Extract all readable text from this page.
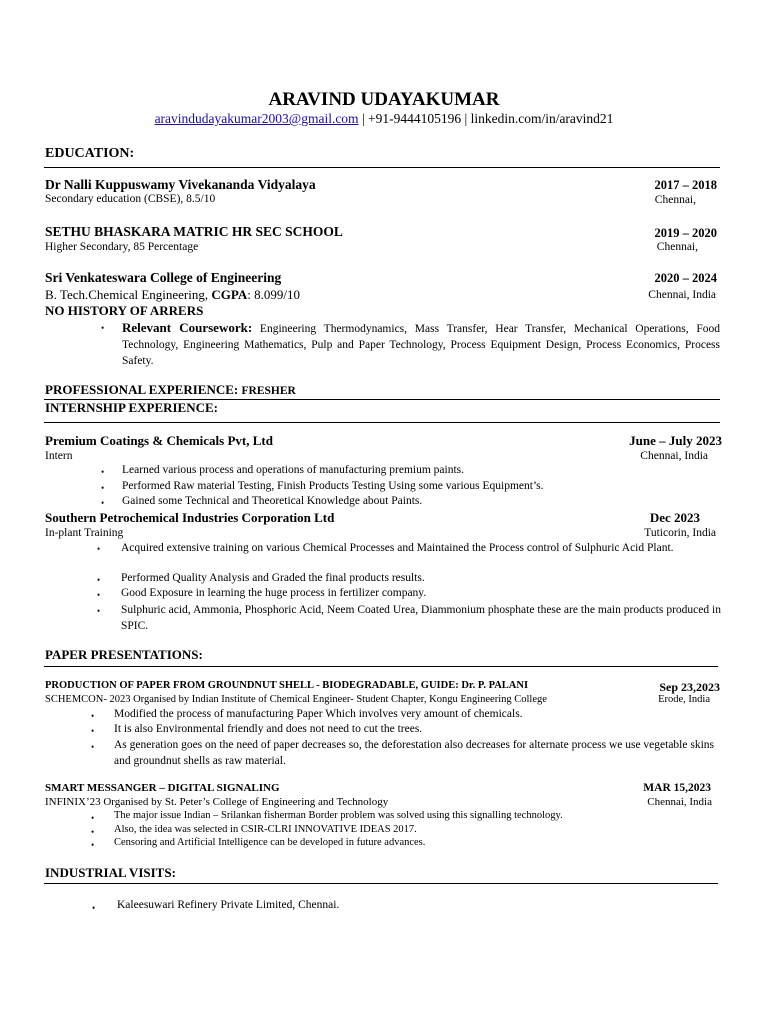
ARAVIND UDAYAKUMAR
aravindudayakumar2003@gmail.com | +91-9444105196 | linkedin.com/in/aravind21
EDUCATION:
Dr Nalli Kuppuswamy Vivekananda Vidyalaya	2017 – 2018
Secondary education (CBSE), 8.5/10	Chennai,
SETHU BHASKARA MATRIC HR SEC SCHOOL	2019 – 2020
Higher Secondary, 85 Percentage	Chennai,
Sri Venkateswara College of Engineering	2020 – 2024
B. Tech.Chemical Engineering, CGPA: 8.099/10	Chennai, India
NO HISTORY OF ARRERS
• Relevant Coursework: Engineering Thermodynamics, Mass Transfer, Hear Transfer, Mechanical Operations, Food Technology, Engineering Mathematics, Pulp and Paper Technology, Process Equipment Design, Process Economics, Process Safety.
PROFESSIONAL EXPERIENCE: FRESHER
INTERNSHIP EXPERIENCE:
Premium Coatings & Chemicals Pvt, Ltd	June – July 2023
Intern	Chennai, India
• Learned various process and operations of manufacturing premium paints.
• Performed Raw material Testing, Finish Products Testing Using some various Equipment’s.
• Gained some Technical and Theoretical Knowledge about Paints.
Southern Petrochemical Industries Corporation Ltd	Dec 2023
In-plant Training	Tuticorin, India
• Acquired extensive training on various Chemical Processes and Maintained the Process control of Sulphuric Acid Plant.
• Performed Quality Analysis and Graded the final products results.
• Good Exposure in learning the huge process in fertilizer company.
• Sulphuric acid, Ammonia, Phosphoric Acid, Neem Coated Urea, Diammonium phosphate these are the main products produced in SPIC.
PAPER PRESENTATIONS:
PRODUCTION OF PAPER FROM GROUNDNUT SHELL - BIODEGRADABLE, GUIDE: Dr. P. PALANI	Sep 23,2023
SCHEMCON- 2023 Organised by Indian Institute of Chemical Engineer- Student Chapter, Kongu Engineering College	Erode, India
• Modified the process of manufacturing Paper Which involves very amount of chemicals.
• It is also Environmental friendly and does not need to cut the trees.
• As generation goes on the need of paper decreases so, the deforestation also decreases for alternate process we use vegetable skins and groundnut shells as raw material.
SMART MESSANGER – DIGITAL SIGNALING	MAR 15,2023
INFINIX’23 Organised by St. Peter’s College of Engineering and Technology	Chennai, India
• The major issue Indian – Srilankan fisherman Border problem was solved using this signalling technology.
• Also, the idea was selected in CSIR-CLRI INNOVATIVE IDEAS 2017.
• Censoring and Artificial Intelligence can be developed in future advances.
INDUSTRIAL VISITS:
• Kaleesuwari Refinery Private Limited, Chennai.
